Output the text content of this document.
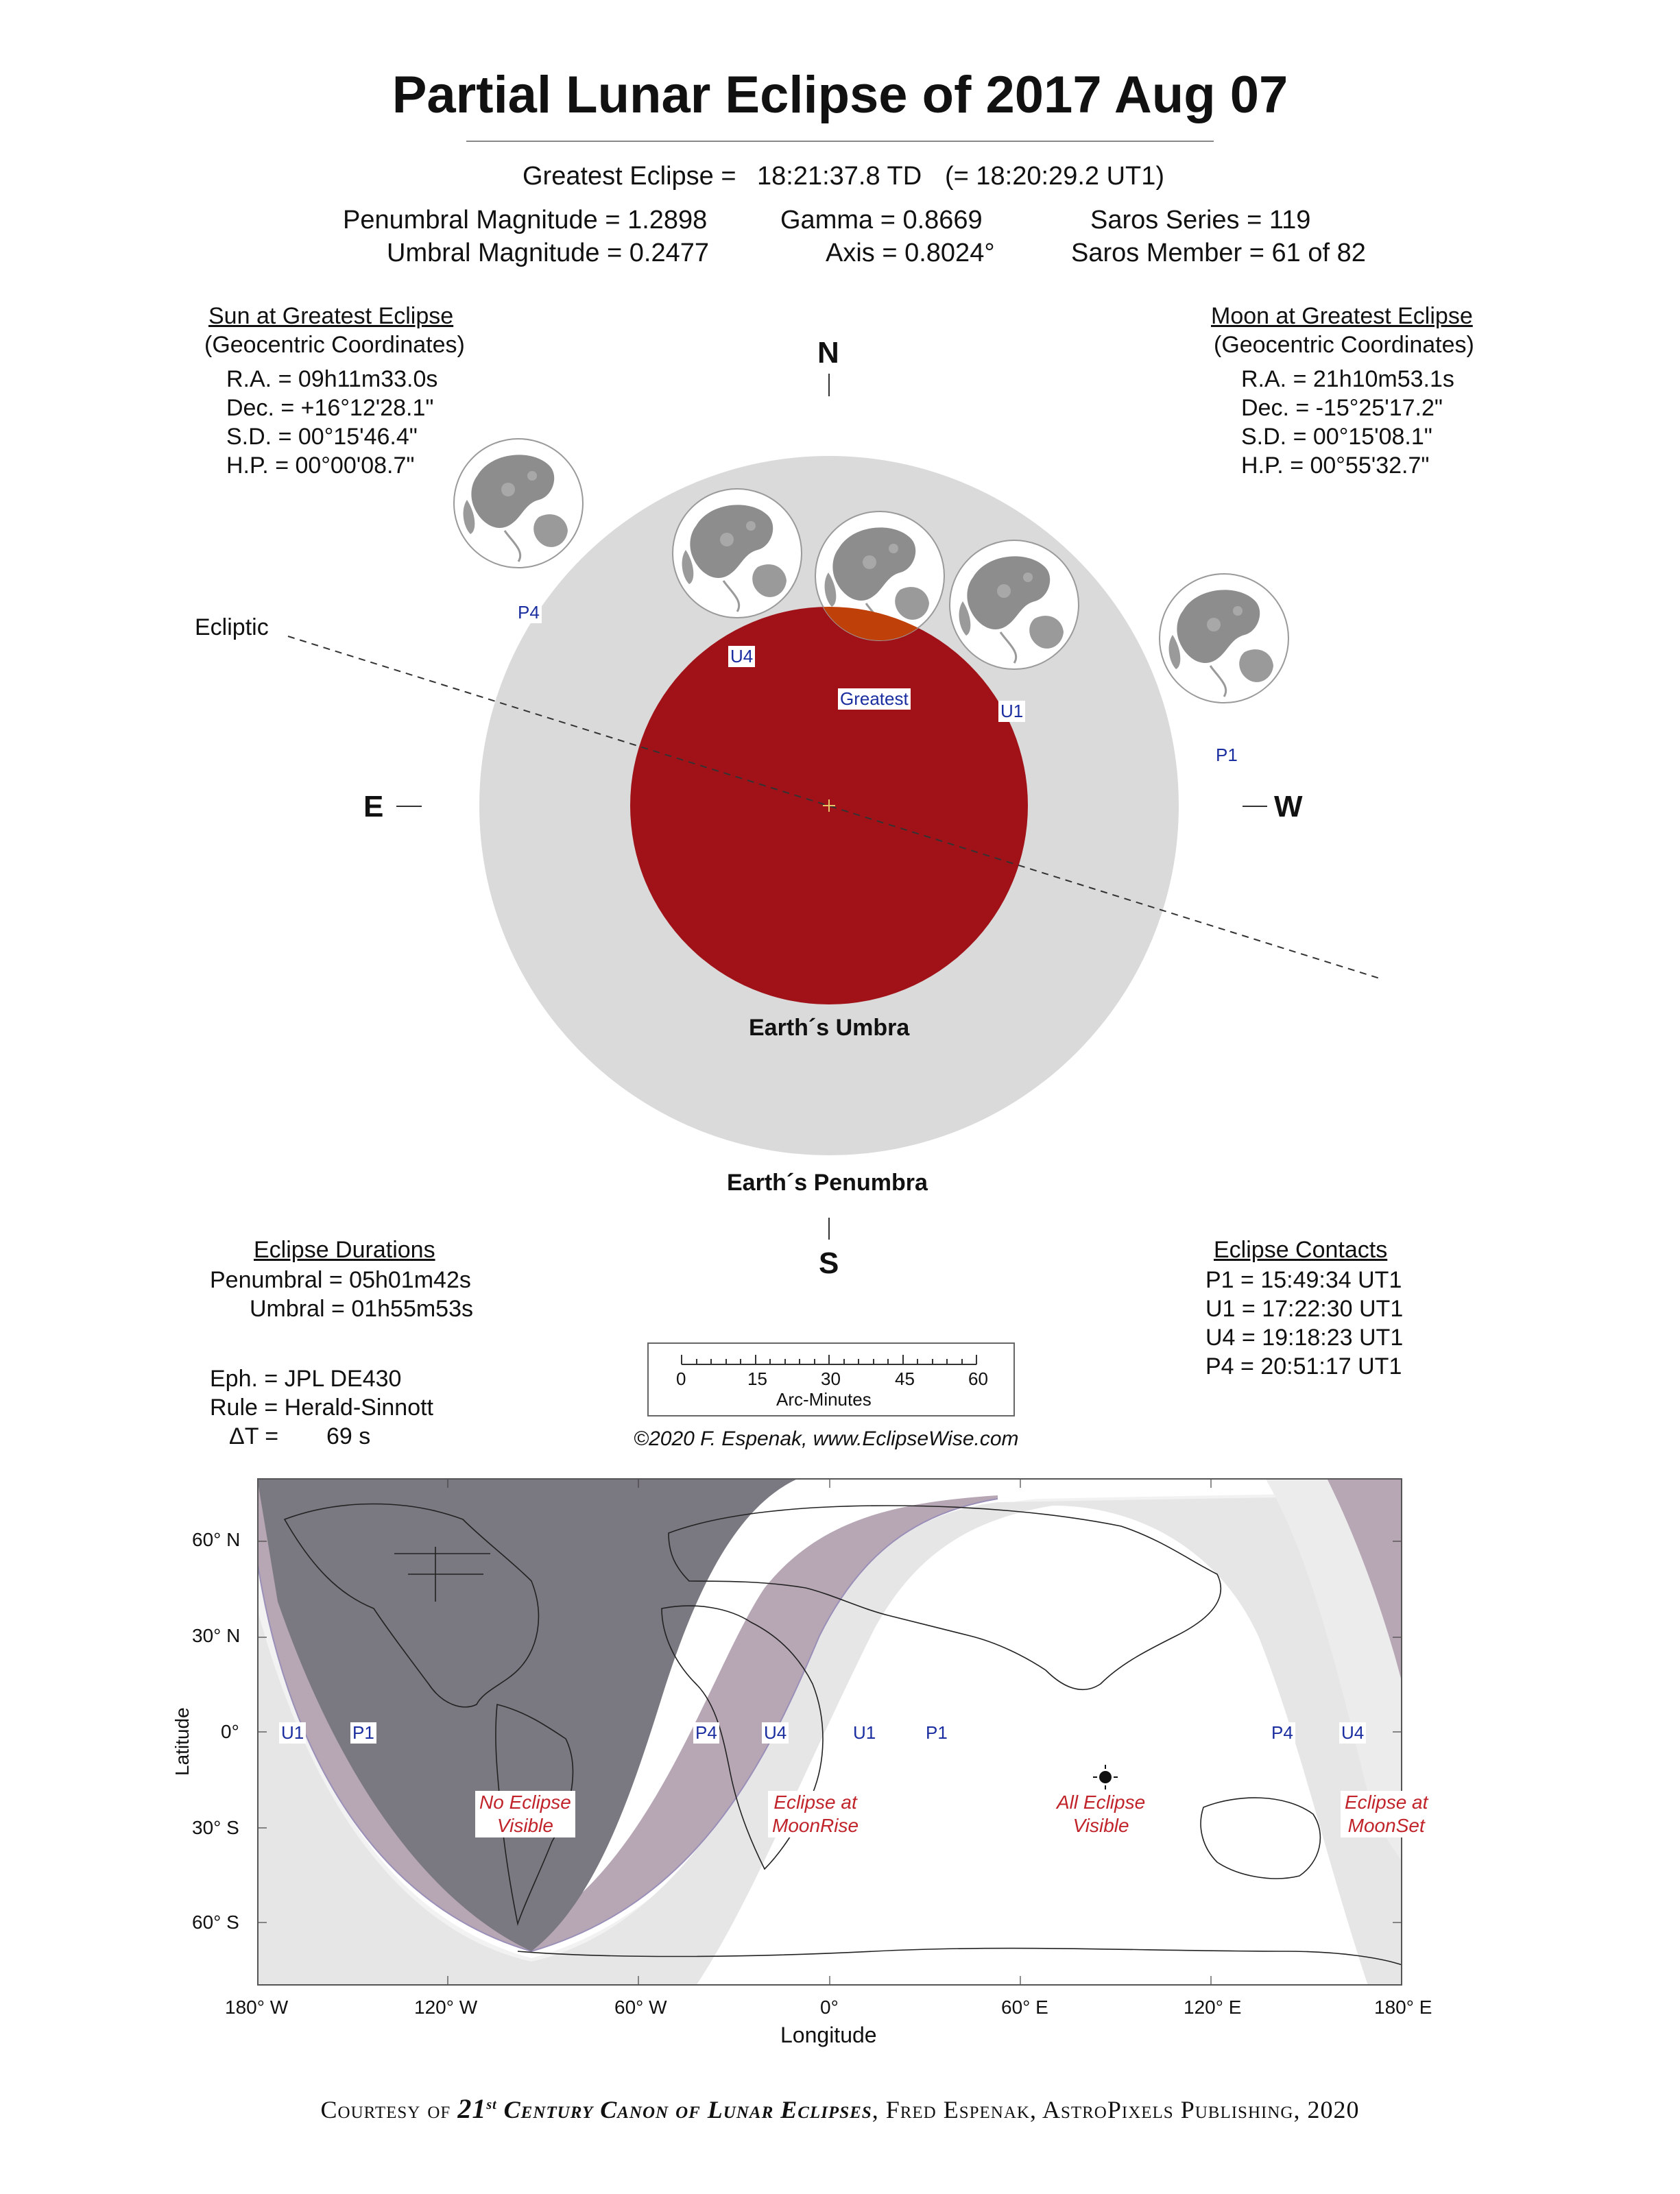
Partial Lunar Eclipse of 2017 Aug 07
Greatest Eclipse = 18:21:37.8 TD (= 18:20:29.2 UT1)
Penumbral Magnitude = 1.2898
Umbral Magnitude = 0.2477
Gamma = 0.8669
Axis = 0.8024°
Saros Series = 119
Saros Member = 61 of 82
Sun at Greatest Eclipse
(Geocentric Coordinates)
R.A. = 09h11m33.0s
Dec. = +16°12'28.1"
S.D. = 00°15'46.4"
H.P. = 00°00'08.7"
Moon at Greatest Eclipse
(Geocentric Coordinates)
R.A. = 21h10m53.1s
Dec. = -15°25'17.2"
S.D. = 00°15'08.1"
H.P. = 00°55'32.7"
N
S
E	W
Ecliptic
Earth´s Umbra
Earth´s Penumbra
P4
U4
Greatest
U1
P1
Eclipse Durations
Penumbral = 05h01m42s
Umbral = 01h55m53s
Eph. = JPL DE430
Rule = Herald-Sinnott
ΔT = 69 s
0	15	30	45	60
Arc-Minutes
©2020 F. Espenak, www.EclipseWise.com
Eclipse Contacts
P1 = 15:49:34 UT1
U1 = 17:22:30 UT1
U4 = 19:18:23 UT1
P4 = 20:51:17 UT1
U1	P1	P4	U4	U1	P1	P4	U4
No Eclipse
Visible
Eclipse at
MoonRise
All Eclipse
Visible
Eclipse at
MoonSet
60° N
30° N
0°
30° S
60° S
Latitude
180° W	120° W	60° W	0°	60° E	120° E	180° E
Longitude
Courtesy of 21st Century Canon of Lunar Eclipses, Fred Espenak, AstroPixels Publishing, 2020
